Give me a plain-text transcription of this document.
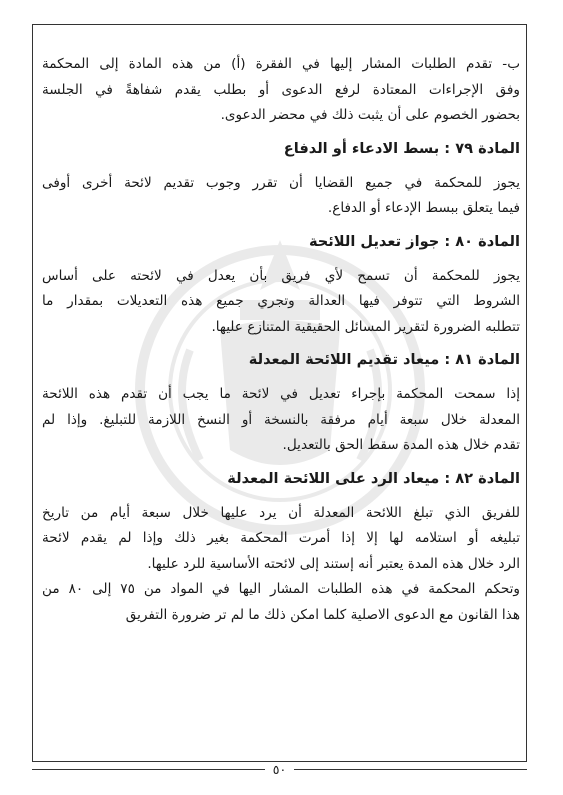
ب- تقدم الطلبات المشار إليها في الفقرة (أ) من هذه المادة إلى المحكمة
وفق الإجراءات المعتادة لرفع الدعوى أو بطلب يقدم شفاهةً في الجلسة
بحضور الخصوم على أن يثبت ذلك في محضر الدعوى.
المادة ٧٩ : بسط الادعاء أو الدفاع
يجوز للمحكمة في جميع القضايا أن تقرر وجوب تقديم لائحة أخرى أوفى
فيما يتعلق ببسط الإدعاء أو الدفاع.
المادة ٨٠ : جواز تعديل اللائحة
يجوز للمحكمة أن تسمح لأي فريق بأن يعدل في لائحته على أساس
الشروط التي تتوفر فيها العدالة وتجري جميع هذه التعديلات بمقدار ما
تتطلبه الضرورة لتقرير المسائل الحقيقية المتنازع عليها.
المادة ٨١ : ميعاد تقديم اللائحة المعدلة
إذا سمحت المحكمة بإجراء تعديل في لائحة ما يجب أن تقدم هذه اللائحة
المعدلة خلال سبعة أيام مرفقة بالنسخة أو النسخ اللازمة للتبليغ. وإذا لم
تقدم خلال هذه المدة سقط الحق بالتعديل.
المادة ٨٢ : ميعاد الرد على اللائحة المعدلة
للفريق الذي تبلغ اللائحة المعدلة أن يرد عليها خلال سبعة أيام من تاريخ
تبليغه أو استلامه لها إلا إذا أمرت المحكمة بغير ذلك وإذا لم يقدم لائحة
الرد خلال هذه المدة يعتبر أنه إستند إلى لائحته الأساسية للرد عليها.
وتحكم المحكمة في هذه الطلبات المشار اليها في المواد من ٧٥ إلى ٨٠ من
هذا القانون مع الدعوى الاصلية كلما امكن ذلك ما لم تر ضرورة التفريق
٥٠
